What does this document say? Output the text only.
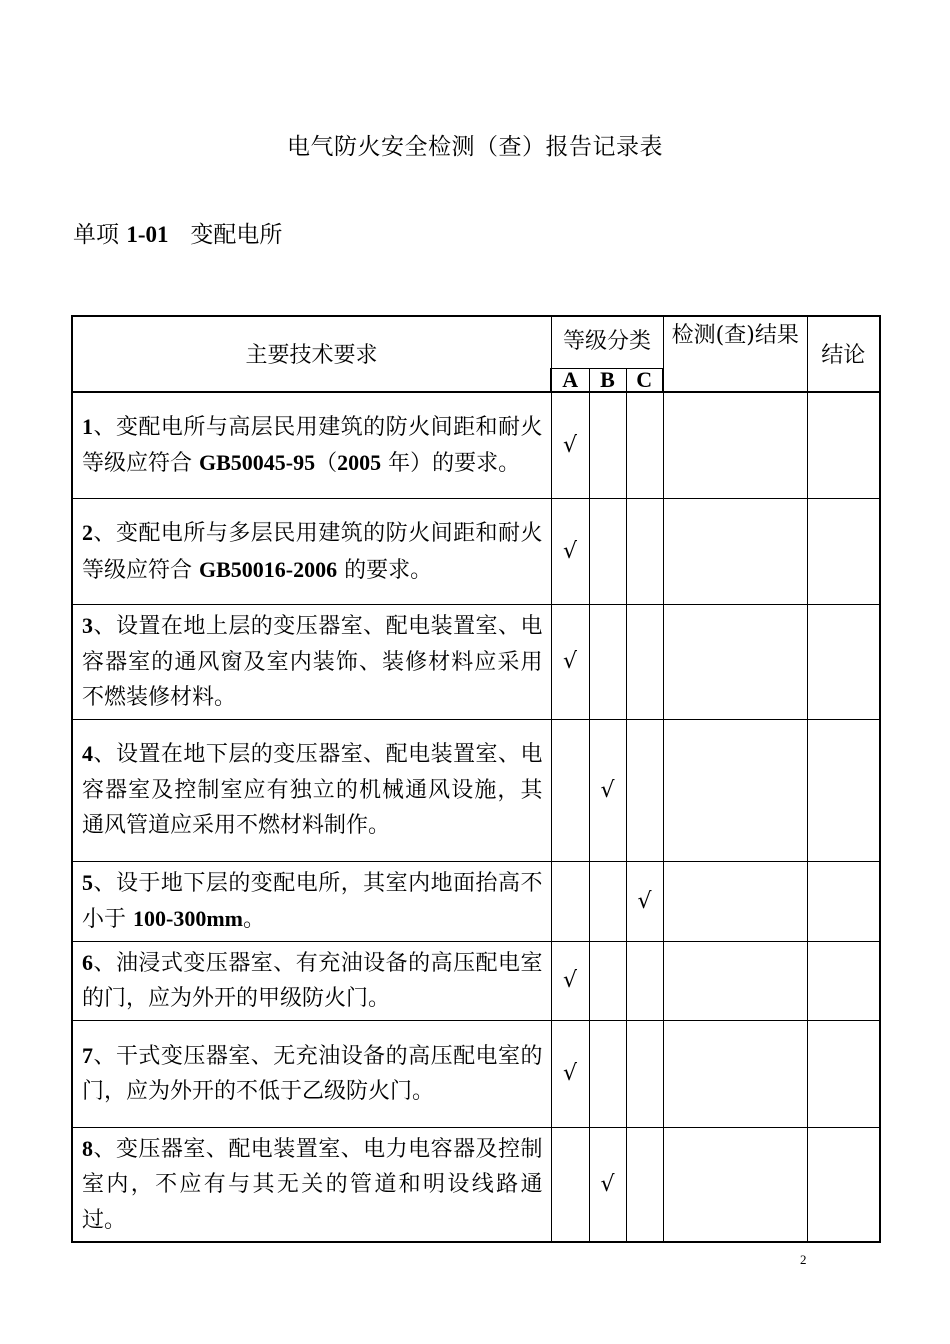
电气防火安全检测（查）报告记录表
单项 1-01 变配电所
主要技术要求	等级分类			检测(查)结果	结论
	A	B	C		
1、变配电所与高层民用建筑的防火间距和耐火等级应符合 GB50045-95（2005 年）的要求。	√				
2、变配电所与多层民用建筑的防火间距和耐火等级应符合 GB50016-2006 的要求。	√				
3、设置在地上层的变压器室、配电装置室、电容器室的通风窗及室内装饰、装修材料应采用不燃装修材料。	√				
4、设置在地下层的变压器室、配电装置室、电容器室及控制室应有独立的机械通风设施，其通风管道应采用不燃材料制作。		√			
5、设于地下层的变配电所，其室内地面抬高不小于 100-300mm。			√		
6、油浸式变压器室、有充油设备的高压配电室的门，应为外开的甲级防火门。	√				
7、干式变压器室、无充油设备的高压配电室的门，应为外开的不低于乙级防火门。	√				
8、变压器室、配电装置室、电力电容器及控制室内，不应有与其无关的管道和明设线路通过。		√			
2
